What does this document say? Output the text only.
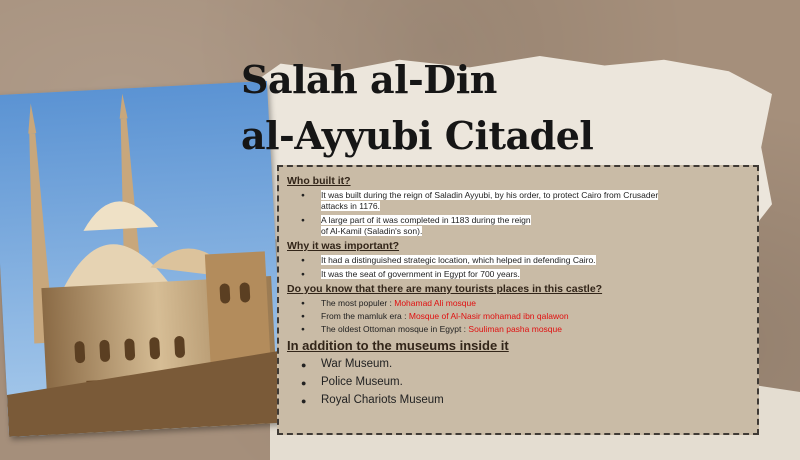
Salah al-Din
al-Ayyubi Citadel
Who built it?
● It was built during the reign of Saladin Ayyubi, by his order, to protect Cairo from Crusader
attacks in 1176.
● A large part of it was completed in 1183 during the reign
of Al-Kamil (Saladin's son).
Why it was important?
● It had a distinguished strategic location, which helped in defending Cairo.
● It was the seat of government in Egypt for 700 years.
Do you know that there are many tourists places in this castle?
● The most populer : Mohamad Ali mosque
● From the mamluk era : Mosque of Al-Nasir mohamad ibn qalawon
● The oldest Ottoman mosque in Egypt : Souliman pasha mosque
In addition to the museums inside it
● War Museum.
● Police Museum.
● Royal Chariots Museum
